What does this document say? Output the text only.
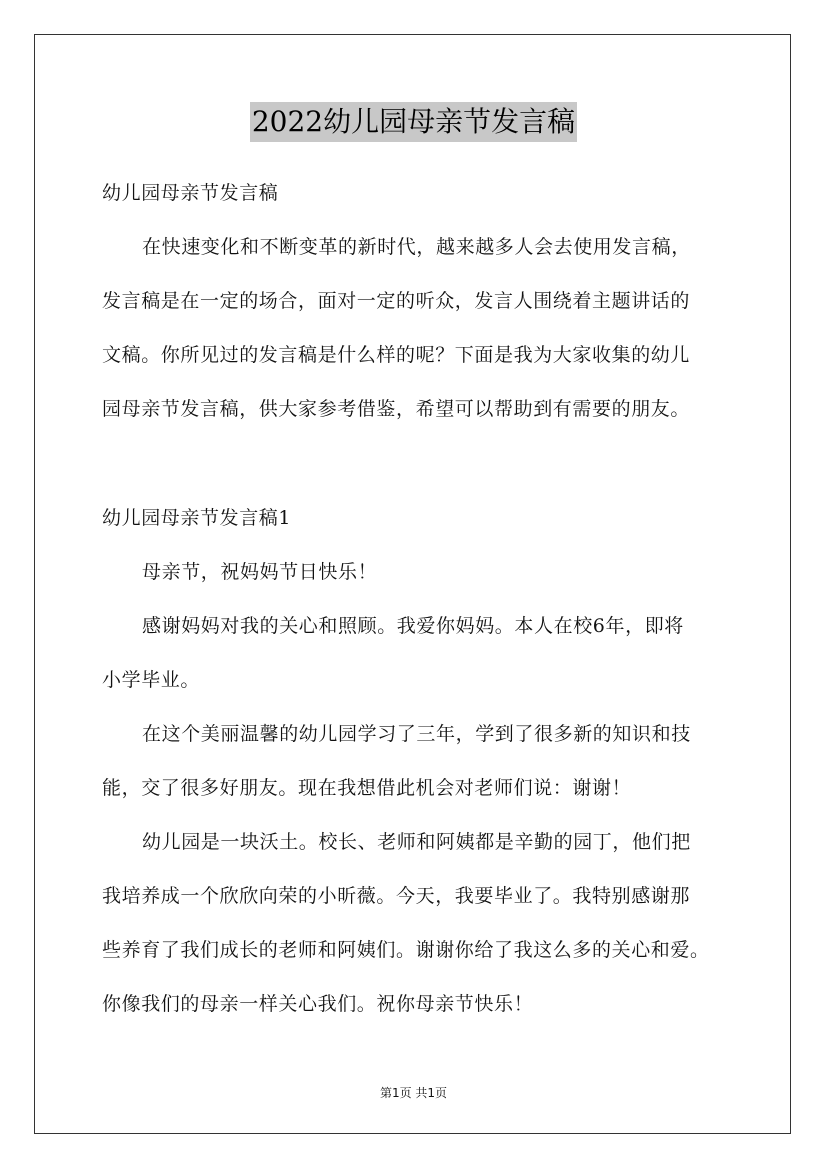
2022幼儿园母亲节发言稿
幼儿园母亲节发言稿
在快速变化和不断变革的新时代，越来越多人会去使用发言稿，
发言稿是在一定的场合，面对一定的听众，发言人围绕着主题讲话的
文稿。你所见过的发言稿是什么样的呢？下面是我为大家收集的幼儿
园母亲节发言稿，供大家参考借鉴，希望可以帮助到有需要的朋友。
幼儿园母亲节发言稿1
母亲节，祝妈妈节日快乐！
感谢妈妈对我的关心和照顾。我爱你妈妈。本人在校6年，即将
小学毕业。
在这个美丽温馨的幼儿园学习了三年，学到了很多新的知识和技
能，交了很多好朋友。现在我想借此机会对老师们说：谢谢！
幼儿园是一块沃土。校长、老师和阿姨都是辛勤的园丁，他们把
我培养成一个欣欣向荣的小昕薇。今天，我要毕业了。我特别感谢那
些养育了我们成长的老师和阿姨们。谢谢你给了我这么多的关心和爱。
你像我们的母亲一样关心我们。祝你母亲节快乐！
第1页 共1页
